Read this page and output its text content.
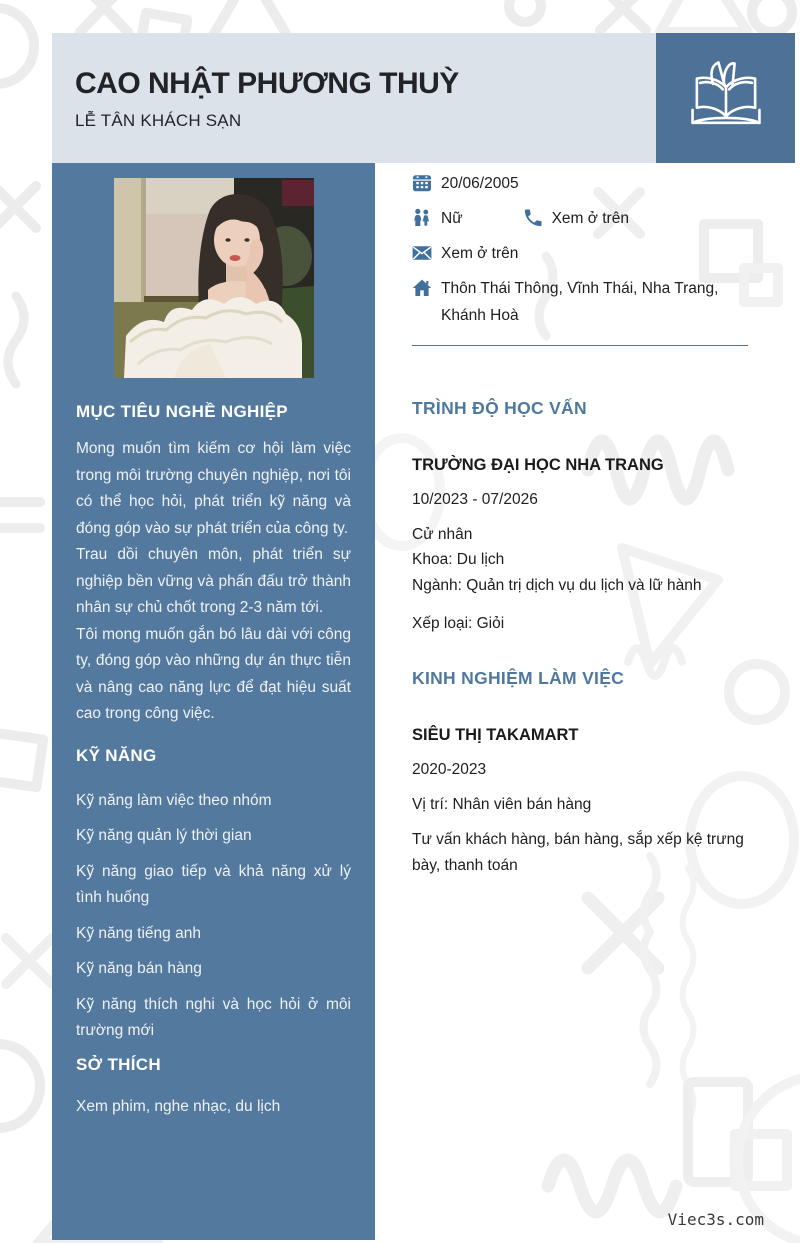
CAO NHẬT PHƯƠNG THUỲ
LỄ TÂN KHÁCH SẠN
MỤC TIÊU NGHỀ NGHIỆP

Mong muốn tìm kiếm cơ hội làm việc trong môi trường chuyên nghiệp, nơi tôi có thể học hỏi, phát triển kỹ năng và đóng góp vào sự phát triển của công ty.

Trau dồi chuyên môn, phát triển sự nghiệp bền vững và phấn đấu trở thành nhân sự chủ chốt trong 2-3 năm tới.

Tôi mong muốn gắn bó lâu dài với công ty, đóng góp vào những dự án thực tiễn và nâng cao năng lực để đạt hiệu suất cao trong công việc.

KỸ NĂNG
Kỹ năng làm việc theo nhóm
Kỹ năng quản lý thời gian
Kỹ năng giao tiếp và khả năng xử lý tình huống
Kỹ năng tiếng anh
Kỹ năng bán hàng
Kỹ năng thích nghi và học hỏi ở môi trường mới
SỞ THÍCH
Xem phim, nghe nhạc, du lịch
20/06/2005
Nữ	Xem ở trên
Xem ở trên
Thôn Thái Thông, Vĩnh Thái, Nha Trang, Khánh Hoà
TRÌNH ĐỘ HỌC VẤN
TRƯỜNG ĐẠI HỌC NHA TRANG
10/2023 - 07/2026
Cử nhân
Khoa: Du lịch
Ngành: Quản trị dịch vụ du lịch và lữ hành
Xếp loại: Giỏi
KINH NGHIỆM LÀM VIỆC
SIÊU THỊ TAKAMART
2020-2023
Vị trí: Nhân viên bán hàng
Tư vấn khách hàng, bán hàng, sắp xếp kệ trưng bày, thanh toán
Viec3s.com
